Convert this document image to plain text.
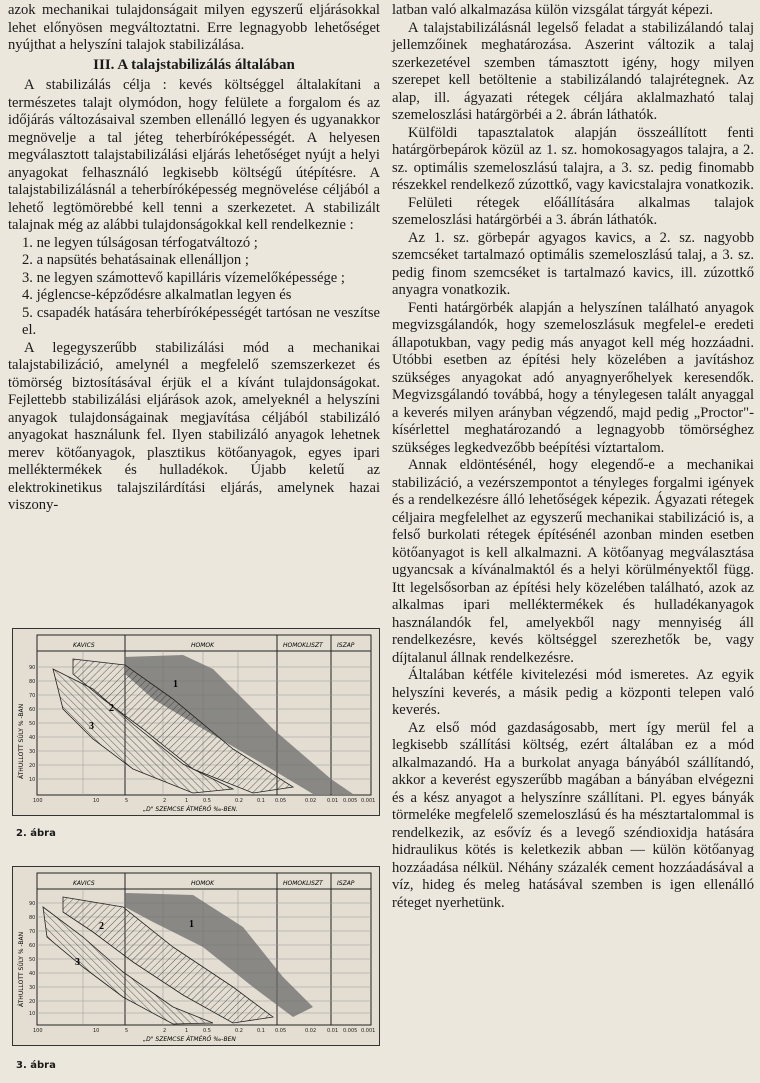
azok mechanikai tulajdonságait milyen egyszerű eljárásokkal lehet előnyösen megváltoztatni. Erre legnagyobb lehetőséget nyújthat a helyszíni talajok stabilizálása.

III. A talajstabilizálás általában

A stabilizálás célja : kevés költséggel általakítani a természetes talajt olymódon, hogy felülete a forgalom és az időjárás változásaival szemben ellenálló legyen és ugyanakkor megnövelje a tal jéteg teherbíróképességét. A helyesen megválasztott talajstabilizálási eljárás lehetőséget nyújt a helyi anyagokat felhasználó legkisebb költségű útépítésre. A talajstabilizálásnál a teherbíróképesség megnövelése céljából a lehető legtömörebbé kell tenni a szerkezetet. A stabilizált talajnak még az alábbi tulajdonságokkal kell rendelkeznie :

1. ne legyen túlságosan térfogatváltozó ;
2. a napsütés behatásainak ellenálljon ;
3. ne legyen számottevő kapilláris vízemelőképessége ;
4. jéglencse-képződésre alkalmatlan legyen és
5. csapadék hatására teherbíróképességét tartósan ne veszítse el.

A legegyszerűbb stabilizálási mód a mechanikai talajstabilizáció, amelynél a megfelelő szemszerkezet és tömörség biztosításával érjük el a kívánt tulajdonságokat. Fejlettebb stabilizálási eljárások azok, amelyeknél a helyszíni anyagok tulajdonságainak megjavítása céljából stabilizáló anyagokat használunk fel. Ilyen stabilizáló anyagok lehetnek merev kötőanyagok, plasztikus kötőanyagok, egyes ipari melléktermékek és hulladékok. Újabb keletű az elektrokinetikus talajszilárdítási eljárás, amelynek hazai viszony-

latban való alkalmazása külön vizsgálat tárgyát képezi.

A talajstabilizálásnál legelső feladat a stabilizálandó talaj jellemzőinek meghatározása. Aszerint változik a talaj szerkezetével szemben támasztott igény, hogy milyen szerepet kell betöltenie a stabilizálandó talajrétegnek. Az alap, ill. ágyazati rétegek céljára aklalmazható talaj szemeloszlási határgörbéi a 2. ábrán láthatók.

Külföldi tapasztalatok alapján összeállított fenti határgörbepárok közül az 1. sz. homokosagyagos talajra, a 2. sz. optimális szemeloszlású talajra, a 3. sz. pedig finomabb részekkel rendelkező zúzottkő, vagy kavicstalajra vonatkozik.

Felületi rétegek előállítására alkalmas talajok szemeloszlási határgörbéi a 3. ábrán láthatók.

Az 1. sz. görbepár agyagos kavics, a 2. sz. nagyobb szemcséket tartalmazó optimális szemeloszlású talaj, a 3. sz. pedig finom szemcséket is tartalmazó kavics, ill. zúzottkő anyagra vonatkozik.

Fenti határgörbék alapján a helyszínen található anyagok megvizsgálandók, hogy szemeloszlásuk megfelel-e eredeti állapotukban, vagy pedig más anyagot kell még hozzáadni. Utóbbi esetben az építési hely közelében a javításhoz szükséges anyagokat adó anyagnyerőhelyek keresendők. Megvizsgálandó továbbá, hogy a ténylegesen talált anyaggal a keverés milyen arányban végzendő, majd pedig „Proctor"-kísérlettel meghatározandó a legnagyobb tömörséghez szükséges legkedvezőbb beépítési víztartalom.

Annak eldöntésénél, hogy elegendő-e a mechanikai stabilizáció, a vezérszempontot a tényleges forgalmi igények és a rendelkezésre álló lehetőségek képezik. Ágyazati rétegek céljaira megfelelhet az egyszerű mechanikai stabilizáció is, a felső burkolati rétegek építésénél azonban minden esetben kötőanyagot is kell alkalmazni. A kötőanyag megválasztása ugyancsak a kívánalmaktól és a helyi körülményektől függ. Itt legelsősorban az építési hely közelében található, azok az alkalmas ipari melléktermékek és hulladékanyagok használandók fel, amelyekből nagy mennyiség áll rendelkezésre, kevés költséggel szerezhetők be, vagy díjtalanul állnak rendelkezésre.

Általában kétféle kivitelezési mód ismeretes. Az egyik helyszíni keverés, a másik pedig a központi telepen való keverés.

Az első mód gazdaságosabb, mert így merül fel a legkisebb szállítási költség, ezért általában ez a mód alkalmazandó. Ha a burkolat anyaga bányából szállítandó, akkor a keverést egyszerűbb magában a bányában elvégezni és a kész anyagot a helyszínre szállítani. Pl. egyes bányák törmeléke megfelelő szemeloszlású és ha mésztartalommal is rendelkezik, az esővíz és a levegő széndioxidja hatására hidraulikus kötés is keletkezik abban — külön kötőanyag hozzáadása nélkül. Néhány százalék cement hozzáadásával a víz, hideg és meleg hatásával szemben is igen ellenálló réteget nyerhetünk.

KAVICS	HOMOK	HOMOKLISZT ISZAP
1
2
3
ÁTHULLOTT SÚLY % -BAN
„D" SZEMCSE ÁTMÉRŐ ‰-BEN.
90
80
70
60
50
40
30
20
10
100	10	5	2	1	0.5	0.2	0.1 0.05	0.02 0.01 0.005 0.001
2. ábra
KAVICS	HOMOK	HOMOKLISZT ISZAP
1
2
3
ÁTHULLOTT SÚLY % -BAN
„D" SZEMCSE ÁTMÉRŐ ‰-BEN
90
80
70
60
50
40
30
20
10
100	10	5	2	1	0.5	0.2	0.1 0.05	0.02 0.01 0.005 0.001
3. ábra
